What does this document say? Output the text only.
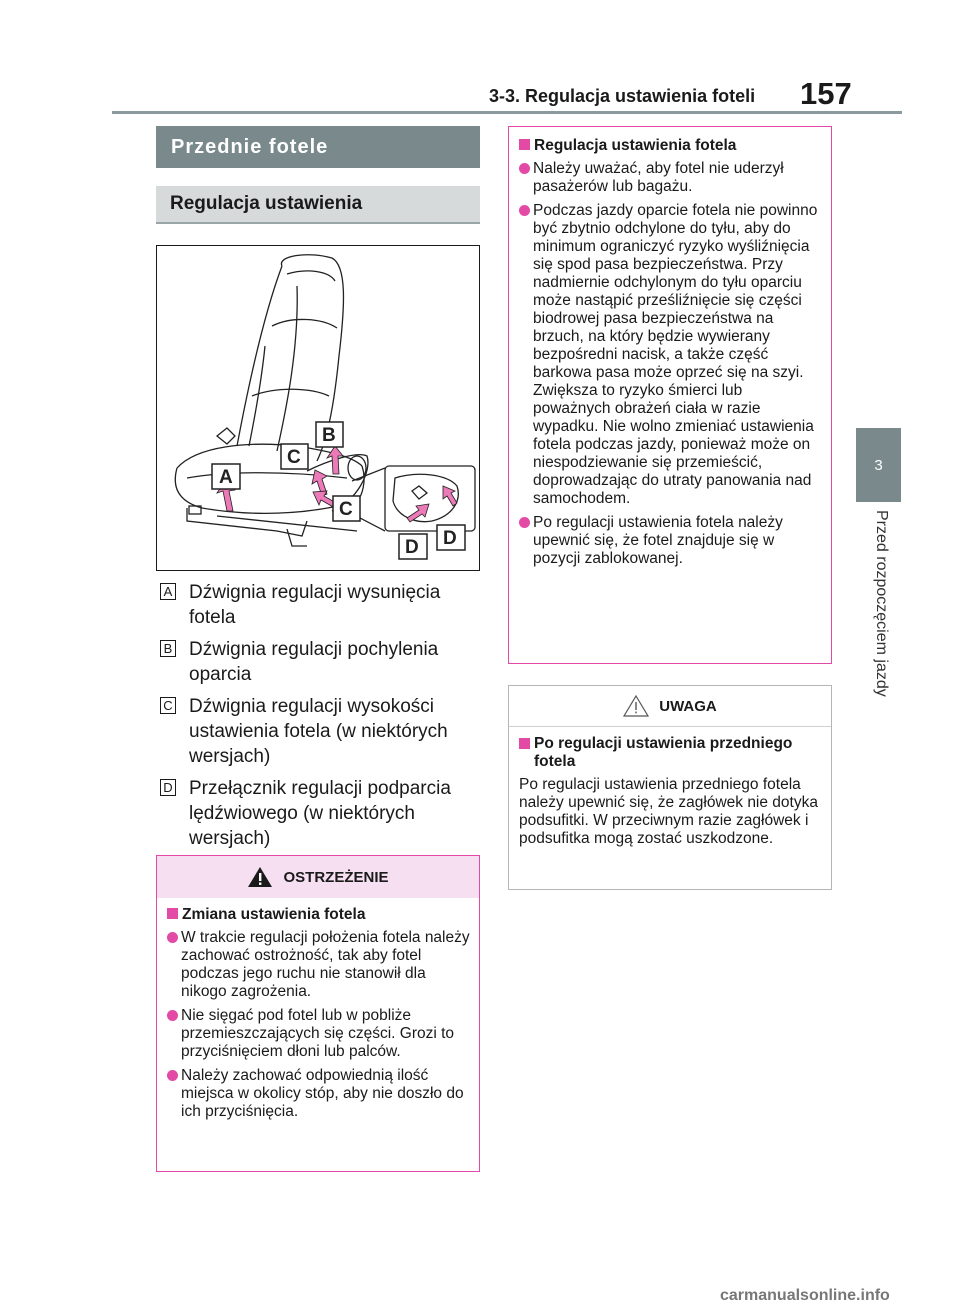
3-3. Regulacja ustawienia foteli 157
3
Przed rozpoczęciem jazdy
Przednie fotele
Regulacja ustawienia
A
B
C
C
D
D
A Dźwignia regulacji wysunięcia fotela
B Dźwignia regulacji pochylenia oparcia
C Dźwignia regulacji wysokości ustawienia fotela (w niektórych wersjach)
D Przełącznik regulacji podparcia lędźwiowego (w niektórych wersjach)
OSTRZEŻENIE
Zmiana ustawienia fotela
W trakcie regulacji położenia fotela należy zachować ostrożność, tak aby fotel podczas jego ruchu nie stanowił dla nikogo zagrożenia.
Nie sięgać pod fotel lub w pobliże przemieszczających się części. Grozi to przyciśnięciem dłoni lub palców.
Należy zachować odpowiednią ilość miejsca w okolicy stóp, aby nie doszło do ich przyciśnięcia.
Regulacja ustawienia fotela
Należy uważać, aby fotel nie uderzył pasażerów lub bagażu.
Podczas jazdy oparcie fotela nie powinno być zbytnio odchylone do tyłu, aby do minimum ograniczyć ryzyko wyśliźnięcia się spod pasa bezpieczeństwa. Przy nadmiernie odchylonym do tyłu oparciu może nastąpić prześliźnięcie się części biodrowej pasa bezpieczeństwa na brzuch, na który będzie wywierany bezpośredni nacisk, a także część barkowa pasa może oprzeć się na szyi. Zwiększa to ryzyko śmierci lub poważnych obrażeń ciała w razie wypadku. Nie wolno zmieniać ustawienia fotela podczas jazdy, ponieważ może on niespodziewanie się przemieścić, doprowadzając do utraty panowania nad samochodem.
Po regulacji ustawienia fotela należy upewnić się, że fotel znajduje się w pozycji zablokowanej.
UWAGA
Po regulacji ustawienia przedniego fotela
Po regulacji ustawienia przedniego fotela należy upewnić się, że zagłówek nie dotyka podsufitki. W przeciwnym razie zagłówek i podsufitka mogą zostać uszkodzone.
carmanualsonline.info
